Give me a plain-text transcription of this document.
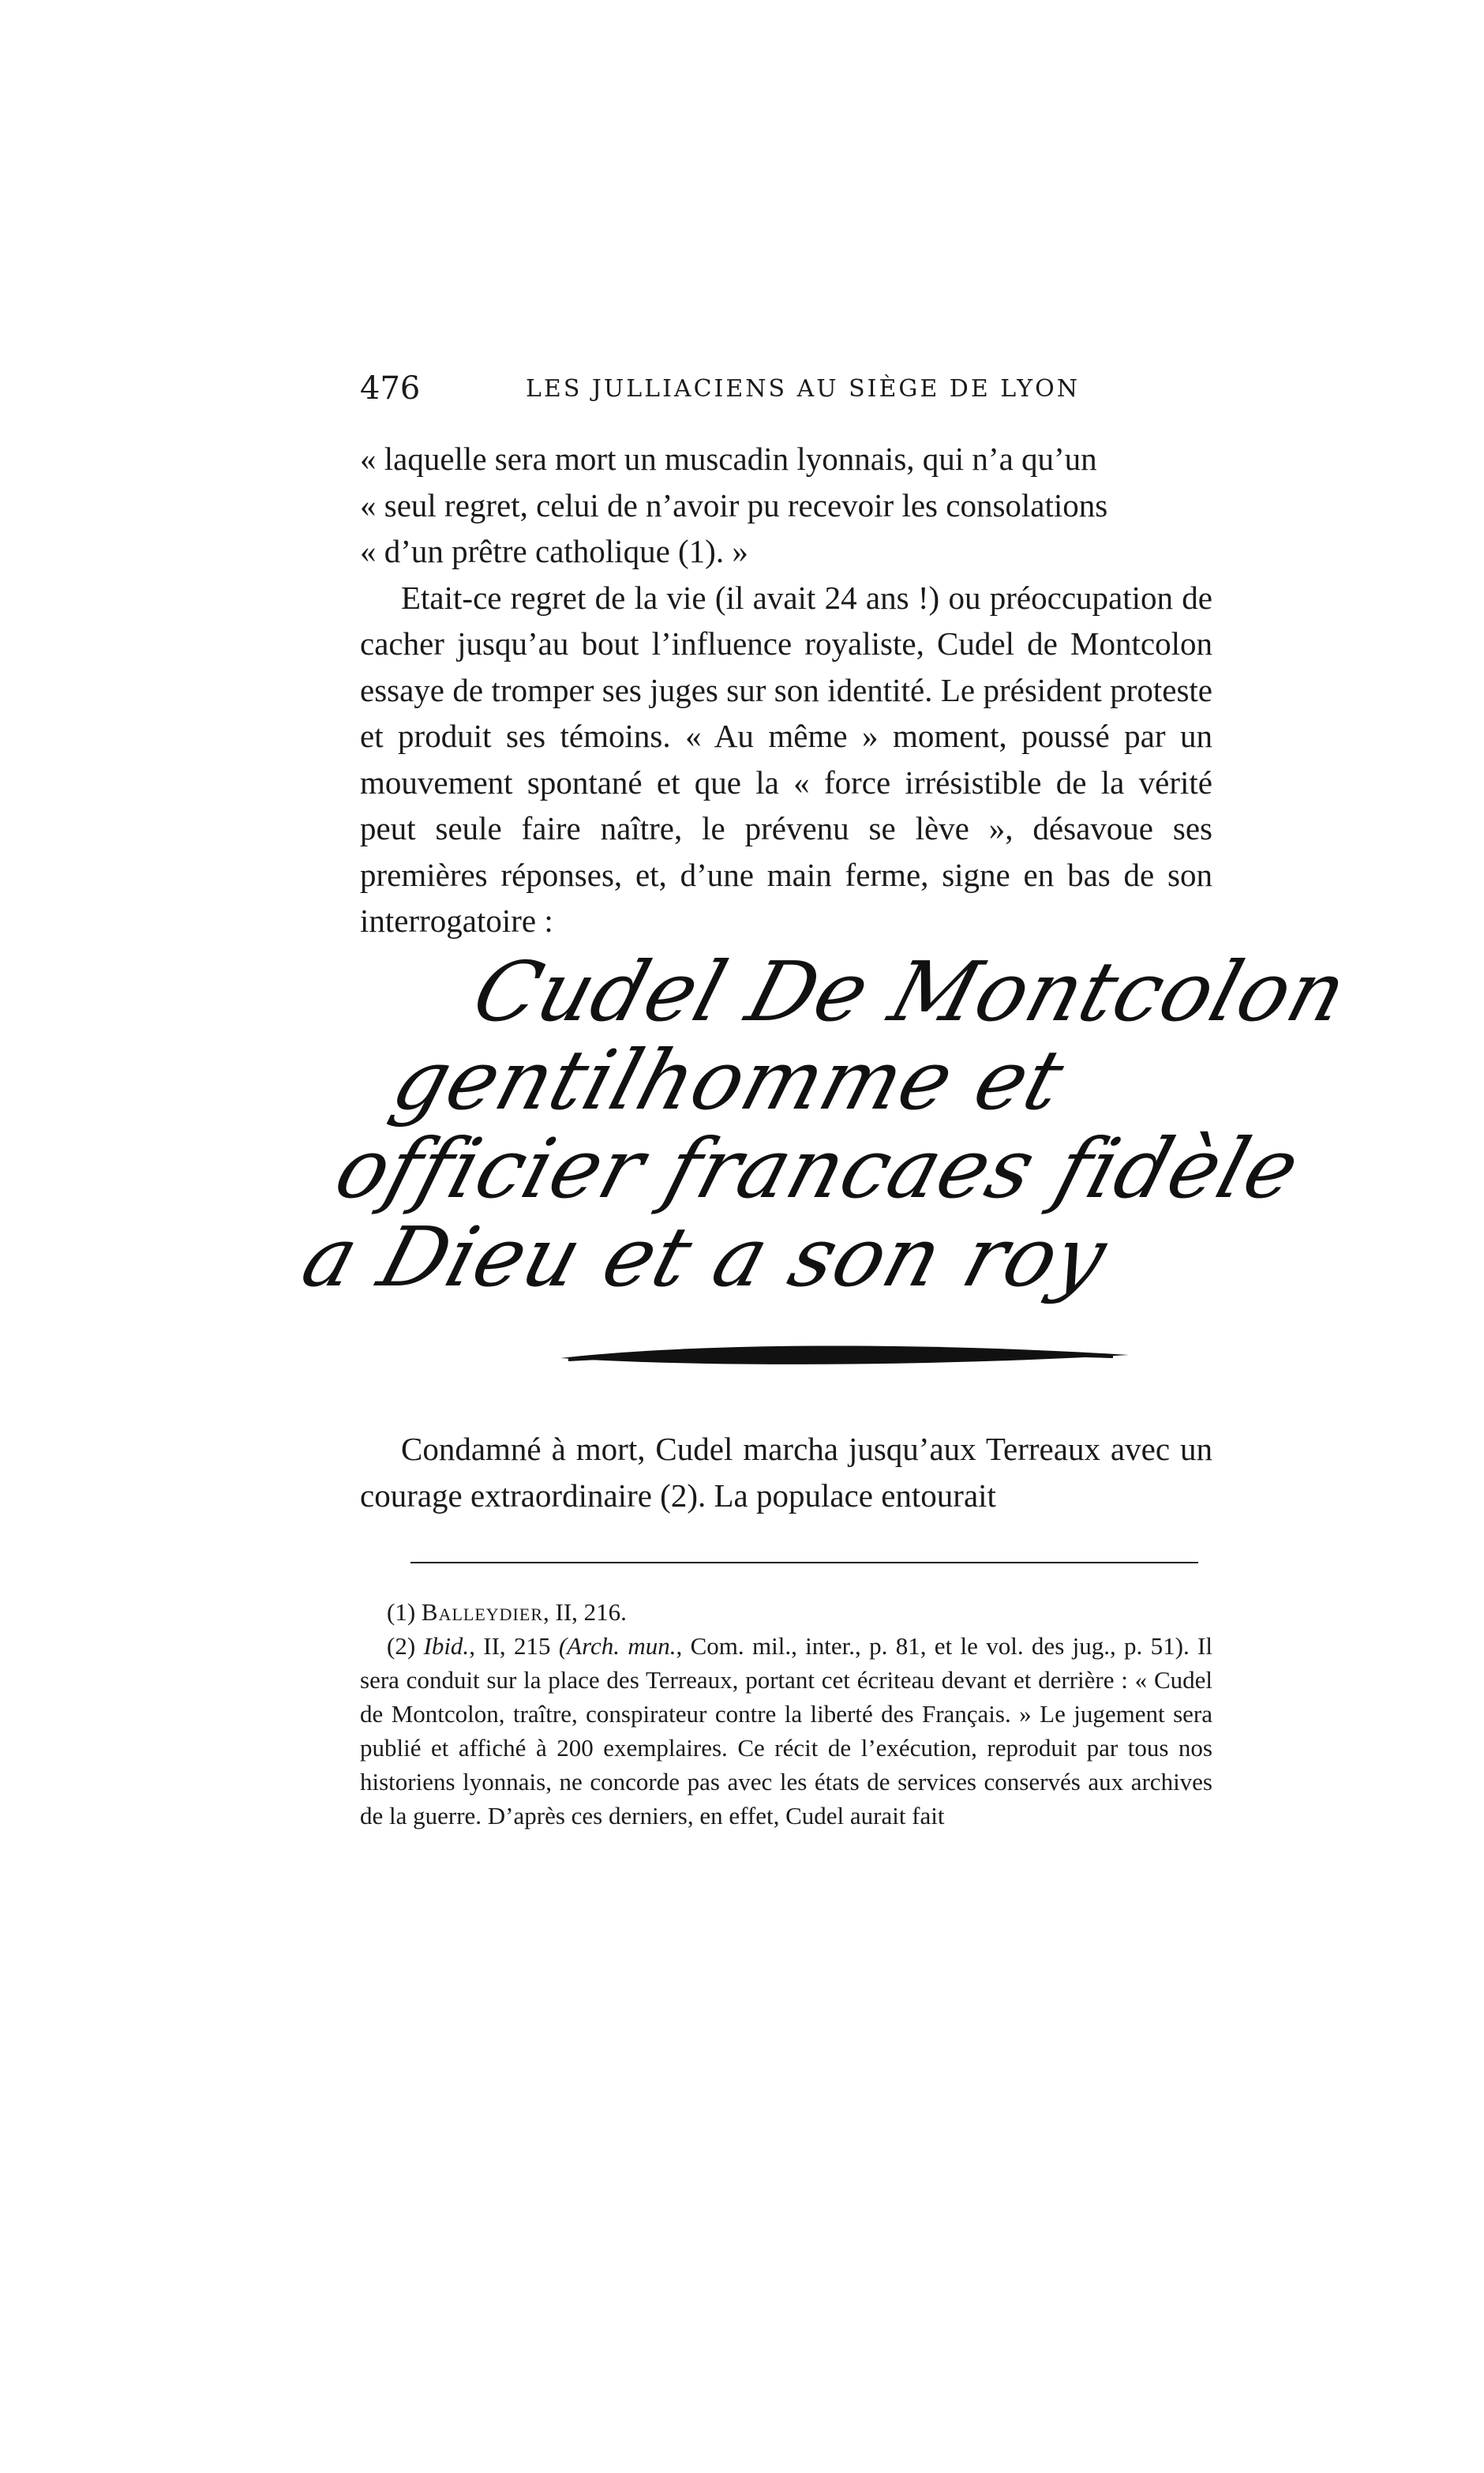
476	LES JULLIACIENS AU SIÈGE DE LYON

« laquelle sera mort un muscadin lyonnais, qui n’a qu’un

« seul regret, celui de n’avoir pu recevoir les consolations

« d’un prêtre catholique (1). »

Etait-ce regret de la vie (il avait 24 ans !) ou préoccupation de cacher jusqu’au bout l’influence royaliste, Cudel de Montcolon essaye de tromper ses juges sur son identité. Le président proteste et produit ses témoins. « Au même » moment, poussé par un mouvement spontané et que la « force irrésistible de la vérité peut seule faire naître, le prévenu se lève », désavoue ses premières réponses, et, d’une main ferme, signe en bas de son interrogatoire :

Cudel De Montcolon
gentilhomme et
officier francaes fidèle
a Dieu et a son roy

Condamné à mort, Cudel marcha jusqu’aux Terreaux avec un courage extraordinaire (2). La populace entourait

(1) Balleydier, II, 216.

(2) Ibid., II, 215 (Arch. mun., Com. mil., inter., p. 81, et le vol. des jug., p. 51). Il sera conduit sur la place des Terreaux, portant cet écriteau devant et derrière : « Cudel de Montcolon, traître, conspirateur contre la liberté des Français. » Le jugement sera publié et affiché à 200 exemplaires. Ce récit de l’exécution, reproduit par tous nos historiens lyonnais, ne concorde pas avec les états de services conservés aux archives de la guerre. D’après ces derniers, en effet, Cudel aurait fait
